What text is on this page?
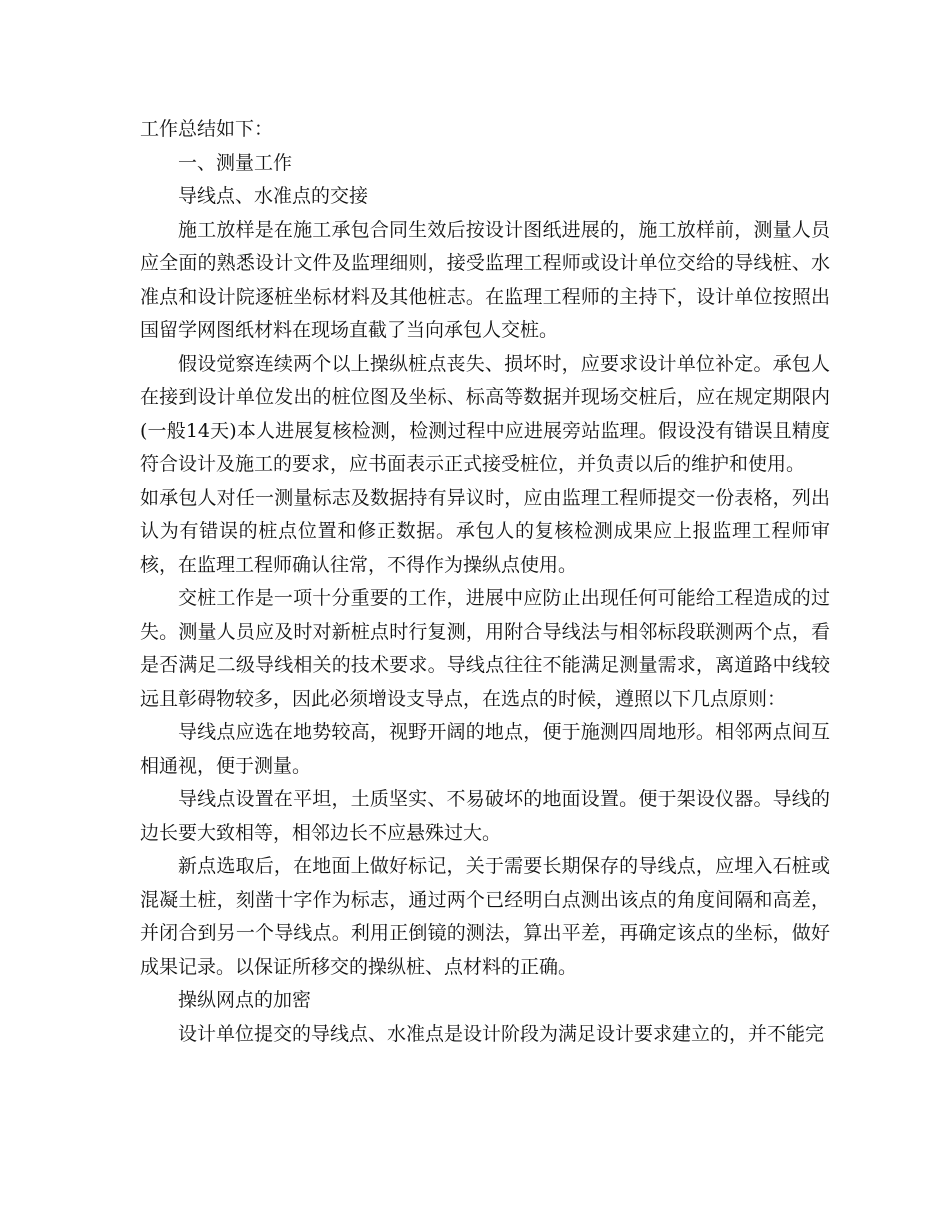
工作总结如下：

一、测量工作

导线点、水准点的交接

施工放样是在施工承包合同生效后按设计图纸进展的，施工放样前，测量人员应全面的熟悉设计文件及监理细则，接受监理工程师或设计单位交给的导线桩、水准点和设计院逐桩坐标材料及其他桩志。在监理工程师的主持下，设计单位按照出国留学网图纸材料在现场直截了当向承包人交桩。

假设觉察连续两个以上操纵桩点丧失、损坏时，应要求设计单位补定。承包人在接到设计单位发出的桩位图及坐标、标高等数据并现场交桩后，应在规定期限内(一般14天)本人进展复核检测，检测过程中应进展旁站监理。假设没有错误且精度符合设计及施工的要求，应书面表示正式接受桩位，并负责以后的维护和使用。

如承包人对任一测量标志及数据持有异议时，应由监理工程师提交一份表格，列出认为有错误的桩点位置和修正数据。承包人的复核检测成果应上报监理工程师审核，在监理工程师确认往常，不得作为操纵点使用。

交桩工作是一项十分重要的工作，进展中应防止出现任何可能给工程造成的过失。测量人员应及时对新桩点时行复测，用附合导线法与相邻标段联测两个点，看是否满足二级导线相关的技术要求。导线点往往不能满足测量需求，离道路中线较远且彰碍物较多，因此必须增设支导点，在选点的时候，遵照以下几点原则：

导线点应选在地势较高，视野开阔的地点，便于施测四周地形。相邻两点间互相通视，便于测量。

导线点设置在平坦，土质坚实、不易破坏的地面设置。便于架设仪器。导线的边长要大致相等，相邻边长不应悬殊过大。

新点选取后，在地面上做好标记，关于需要长期保存的导线点，应埋入石桩或混凝土桩，刻凿十字作为标志，通过两个已经明白点测出该点的角度间隔和高差，并闭合到另一个导线点。利用正倒镜的测法，算出平差，再确定该点的坐标，做好成果记录。以保证所移交的操纵桩、点材料的正确。

操纵网点的加密

设计单位提交的导线点、水准点是设计阶段为满足设计要求建立的，并不能完
